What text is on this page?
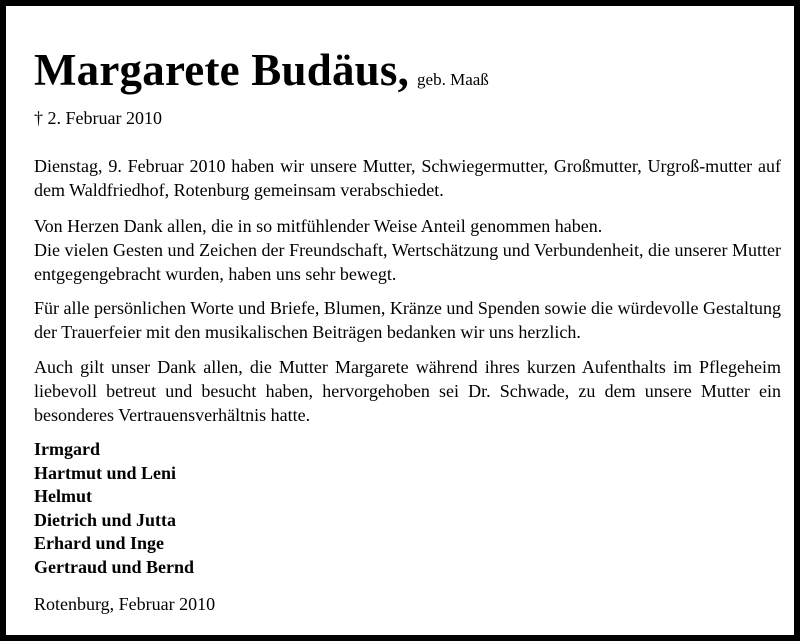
Margarete Budäus, geb. Maaß
† 2. Februar 2010
Dienstag, 9. Februar 2010 haben wir unsere Mutter, Schwiegermutter, Großmutter, Urgroß-mutter auf dem Waldfriedhof, Rotenburg gemeinsam verabschiedet.
Von Herzen Dank allen, die in so mitfühlender Weise Anteil genommen haben.
Die vielen Gesten und Zeichen der Freundschaft, Wertschätzung und Verbundenheit, die unserer Mutter entgegengebracht wurden, haben uns sehr bewegt.
Für alle persönlichen Worte und Briefe, Blumen, Kränze und Spenden sowie die würdevolle Gestaltung der Trauerfeier mit den musikalischen Beiträgen bedanken wir uns herzlich.
Auch gilt unser Dank allen, die Mutter Margarete während ihres kurzen Aufenthalts im Pflegeheim liebevoll betreut und besucht haben, hervorgehoben sei Dr. Schwade, zu dem unsere Mutter ein besonderes Vertrauensverhältnis hatte.
Irmgard
Hartmut und Leni
Helmut
Dietrich und Jutta
Erhard und Inge
Gertraud und Bernd
Rotenburg, Februar 2010
